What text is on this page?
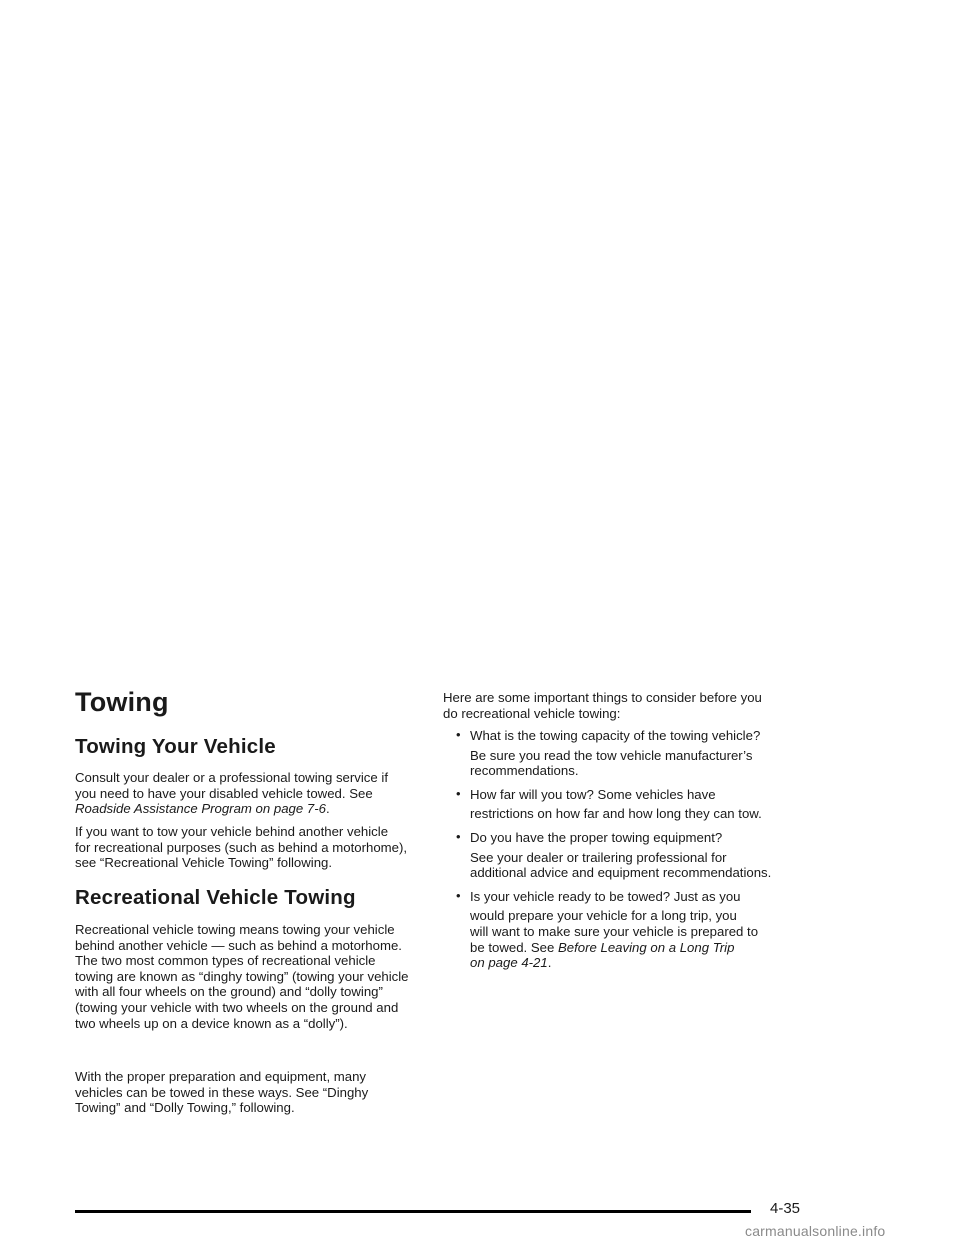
Towing
Towing Your Vehicle

Consult your dealer or a professional towing service if
you need to have your disabled vehicle towed. See
Roadside Assistance Program on page 7-6.

If you want to tow your vehicle behind another vehicle
for recreational purposes (such as behind a motorhome),
see “Recreational Vehicle Towing” following.

Recreational Vehicle Towing

Recreational vehicle towing means towing your vehicle
behind another vehicle — such as behind a motorhome.
The two most common types of recreational vehicle
towing are known as “dinghy towing” (towing your vehicle
with all four wheels on the ground) and “dolly towing”
(towing your vehicle with two wheels on the ground and
two wheels up on a device known as a “dolly”).

With the proper preparation and equipment, many
vehicles can be towed in these ways. See “Dinghy
Towing” and “Dolly Towing,” following.

Here are some important things to consider before you
do recreational vehicle towing:

• What is the towing capacity of the towing vehicle?
Be sure you read the tow vehicle manufacturer’s
recommendations.
• How far will you tow? Some vehicles have
restrictions on how far and how long they can tow.
• Do you have the proper towing equipment?
See your dealer or trailering professional for
additional advice and equipment recommendations.
• Is your vehicle ready to be towed? Just as you
would prepare your vehicle for a long trip, you
will want to make sure your vehicle is prepared to
be towed. See Before Leaving on a Long Trip
on page 4-21.
4-35
carmanualsonline.info
